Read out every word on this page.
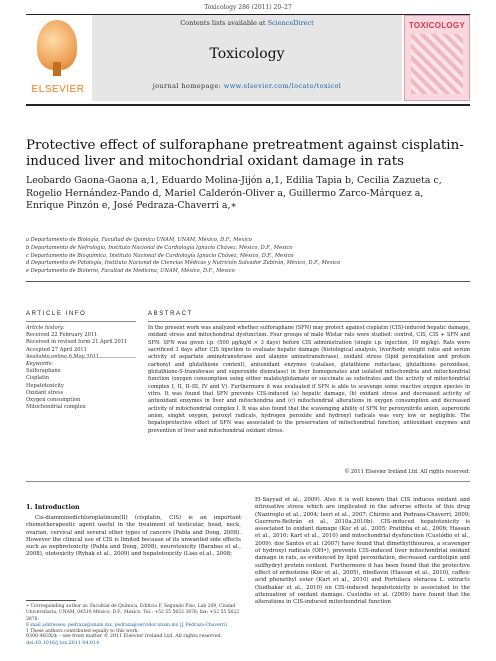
Toxicology 286 (2011) 20–27
ELSEVIER
Contents lists available at ScienceDirect
Toxicology
journal homepage: www.elsevier.com/locate/toxicol
TOXICOLOGY
Protective effect of sulforaphane pretreatment against cisplatin-induced liver and mitochondrial oxidant damage in rats
Leobardo Gaona-Gaona a,1, Eduardo Molina-Jijón a,1, Edilia Tapia b, Cecilia Zazueta c,
Rogelio Hernández-Pando d, Mariel Calderón-Oliver a, Guillermo Zarco-Márquez a,
Enrique Pinzón e, José Pedraza-Chaverri a,∗
a Departamento de Biología, Facultad de Química UNAM, UNAM, México, D.F., Mexico
b Departamento de Nefrología, Instituto Nacional de Cardiología Ignacio Chávez, México, D.F., Mexico
c Departamento de Bioquímica, Instituto Nacional de Cardiología Ignacio Chávez, México, D.F., Mexico
d Departamento de Patología, Instituto Nacional de Ciencias Médicas y Nutrición Salvador Zubirán, México, D.F., Mexico
e Departamento de Bioterio, Facultad de Medicina, UNAM, México, D.F., Mexico
ARTICLE INFO	ABSTRACT
Article history:
Received 22 February 2011
Received in revised form 21 April 2011
Accepted 27 April 2011
Keywords:
Sulforaphane
Cisplatin
Hepatotoxicity
Oxidant stress
Oxygen consumption
Mitochondrial complex
In the present work was analyzed whether sulforaphane (SFN) may protect against cisplatin (CIS)-induced hepatic damage, oxidant stress and mitochondrial dysfunction. Four groups of male Wistar rats were studied: control, CIS, CIS + SFN and SFN. SFN was given i.p. (500 μg/kg/d × 3 days) before CIS administration (single i.p. injection, 10 mg/kg). Rats were sacrificed 3 days after CIS injection to evaluate hepatic damage (histological analysis, liver/body weight ratio and serum activity of aspartate aminotransferase and alanine aminotransferase), oxidant stress (lipid peroxidation and protein carbonyl and glutathione content), antioxidant enzymes (catalase, glutathione reductase, glutathione peroxidase, glutathione-S-transferase and superoxide dismutase) in liver homogenates and isolated mitochondria and mitochondrial function (oxygen consumption using either malate/glutamate or succinate as substrates and the activity of mitochondrial complex I, II, II–III, IV and V). Furthermore it was evaluated if SFN is able to scavenge some reactive oxygen species in vitro. It was found that SFN prevents CIS-induced (a) hepatic damage, (b) oxidant stress and decreased activity of antioxidant enzymes in liver and mitochondria and (c) mitochondrial alterations in oxygen consumption and decreased activity of mitochondrial complex I. It was also found that the scavenging ability of SFN for peroxynitrite anion, superoxide anion, singlet oxygen, peroxyl radicals, hydrogen peroxide and hydroxyl radicals was very low or negligible. The hepatoprotective effect of SFN was associated to the preservation of mitochondrial function, antioxidant enzymes and prevention of liver and mitochondrial oxidant stress.
© 2011 Elsevier Ireland Ltd. All rights reserved.
1. Introduction
Cis-diamminedichloroplatinum(II) (cisplatin, CIS) is an important chemotherapeutic agent useful in the treatment of testicular, head, neck, ovarian, cervical and several other types of cancers (Pabla and Dong, 2008). However the clinical use of CIS is limited because of its unwanted side effects such as nephrotoxicity (Pabla and Dong, 2008), neurotoxicity (Barabas et al., 2008), ototoxicity (Rybak et al., 2009) and hepatotoxicity (Liao et al., 2008;
El-Sayyad et al., 2009). Also it is well known that CIS induces oxidant and nitrosative stress which are implicated in the adverse effects of this drug (Naziroglu et al., 2004; Iseri et al., 2007; Chirino and Pedraza-Chaverri, 2009; Guerrero-Beltrán et al., 2010a,2010b). CIS-induced hepatotoxicity is associated to oxidant damage (Koc et al., 2005; Pratibha et al., 2006; Hassan et al., 2010; Kart et al., 2010) and mitochondrial dysfunction (Custódio et al., 2009). dos Santos et al. (2007) have found that dimethylthiourea, a scavenger of hydroxyl radicals (OH•), prevents CIS-induced liver mitochondrial oxidant damage in rats, as evidenced by lipid peroxidation, decreased cardiolipin and sulfhydryl protein content. Furthermore it has been found that the protective effect of erdosteine (Koc et al., 2005), riboflavin (Hassan et al., 2010), caffeic acid phenethyl ester (Kart et al., 2010) and Portulaca oleracea L. extracts (Sudhakar et al., 2010) on CIS-induced hepatotoxicity is associated to the attenuation of oxidant damage. Custódio et al. (2009) have found that the alterations in CIS-induced mitochondrial function
∗ Corresponding author at: Facultad de Química, Edificio F, Segundo Piso, Lab 209, Ciudad Universitaria, UNAM, 04510 México, D.F., Mexico. Tel.: +52 55 5622 3878; fax: +52 55 5622 3878.
E-mail addresses: pedraza@unam.mx, pedraza@servidor.unam.mx (J. Pedraza-Chaverri).
1 These authors contributed equally to this work.
0300-483X/$ – see front matter © 2011 Elsevier Ireland Ltd. All rights reserved.
doi:10.1016/j.tox.2011.04.014
